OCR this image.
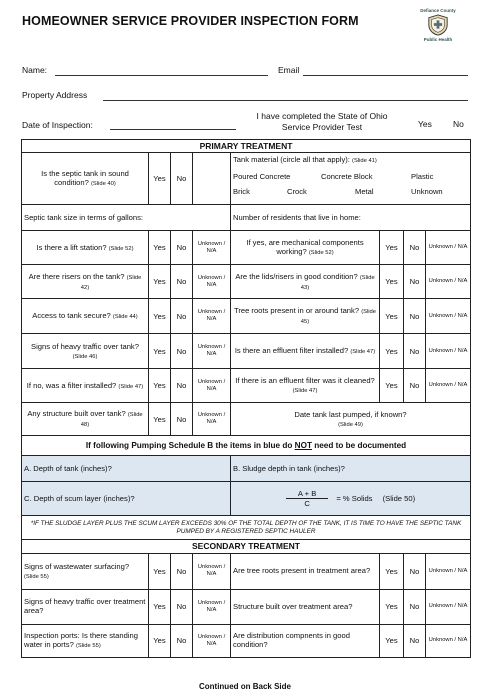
HOMEOWNER SERVICE PROVIDER INSPECTION FORM
Defiance County
Public Health
Name:	Email
Property Address
Date of Inspection:
I have completed the State of Ohio Service Provider Test	Yes No
PRIMARY TREATMENT							
Is the septic tank in sound condition? (Slide 40)	Yes	No		Tank material (circle all that apply): (Slide 41)
Poured Concrete Concrete Block Plastic
Brick Crock Metal Unknown			

Septic tank size in terms of gallons:				Number of residents that live in home:			
Is there a lift station? (Slide 52)	Yes	No	Unknown / N/A	If yes, are mechanical components working? (Slide 52)	Yes	No	Unknown / N/A
Are there risers on the tank? (Slide 42)	Yes	No	Unknown / N/A	Are the lids/risers in good condition? (Slide 43)	Yes	No	Unknown / N/A
Access to tank secure? (Slide 44)	Yes	No	Unknown / N/A	Tree roots present in or around tank? (Slide 45)	Yes	No	Unknown / N/A
Signs of heavy traffic over tank? (Slide 46)	Yes	No	Unknown / N/A	Is there an effluent filter installed? (Slide 47)	Yes	No	Unknown / N/A
If no, was a filter installed? (Slide 47)	Yes	No	Unknown / N/A	If there is an effluent filter was it cleaned? (Slide 47)	Yes	No	Unknown / N/A
Any structure built over tank? (Slide 48)	Yes	No	Unknown / N/A	Date tank last pumped, if known?
(Slide 49)			
If following Pumping Schedule B the items in blue do NOT need to be documented							
A. Depth of tank (inches)?				B. Sludge depth in tank (inches)?			
C. Depth of scum layer (inches)?				$\frac{A + B}{C}$ = % Solids (Slide 50)			
*IF THE SLUDGE LAYER PLUS THE SCUM LAYER EXCEEDS 30% OF THE TOTAL DEPTH OF THE TANK, IT IS TIME TO HAVE THE SEPTIC TANK PUMPED BY A REGISTERED SEPTIC HAULER							
SECONDARY TREATMENT							
Signs of wastewater surfacing? (Slide 55)	Yes	No	Unknown / N/A	Are tree roots present in treatment area?	Yes	No	Unknown / N/A
Signs of heavy traffic over treatment area?	Yes	No	Unknown / N/A	Structure built over treatment area?	Yes	No	Unknown / N/A
Inspection ports: Is there standing water in ports? (Slide 55)	Yes	No	Unknown / N/A	Are distribution compnents in good condition?	Yes	No	Unknown / N/A
Continued on Back Side
